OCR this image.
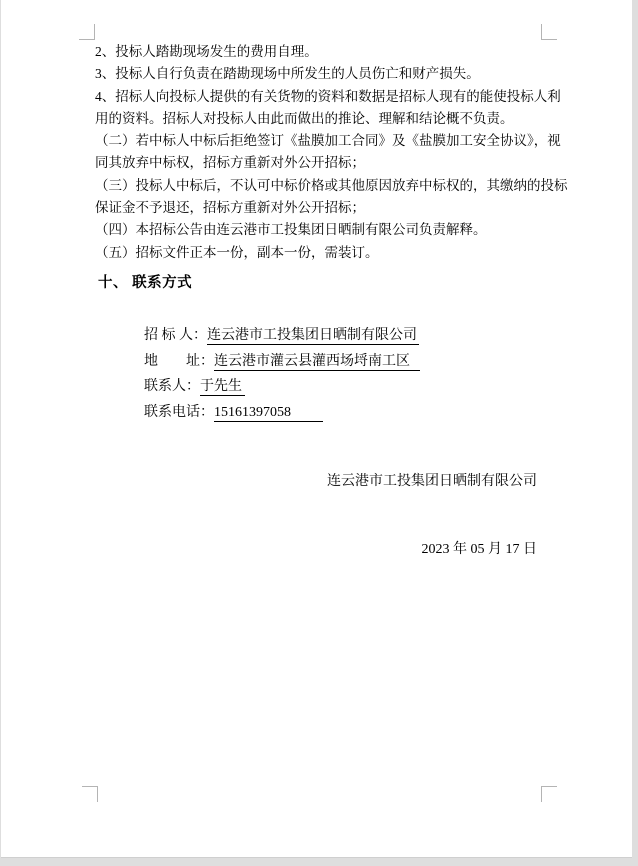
2、投标人踏勘现场发生的费用自理。
3、投标人自行负责在踏勘现场中所发生的人员伤亡和财产损失。
4、招标人向投标人提供的有关货物的资料和数据是招标人现有的能使投标人利
用的资料。招标人对投标人由此而做出的推论、理解和结论概不负责。
（二）若中标人中标后拒绝签订《盐膜加工合同》及《盐膜加工安全协议》，视
同其放弃中标权，招标方重新对外公开招标；
（三）投标人中标后，不认可中标价格或其他原因放弃中标权的，其缴纳的投标
保证金不予退还，招标方重新对外公开招标；
（四）本招标公告由连云港市工投集团日晒制有限公司负责解释。
（五）招标文件正本一份，副本一份，需装订。
十、 联系方式

招 标 人：连云港市工投集团日晒制有限公司

地　　址：连云港市灌云县灌西场埒南工区

联系人：于先生

联系电话：15161397058

连云港市工投集团日晒制有限公司

2023 年 05 月 17 日
